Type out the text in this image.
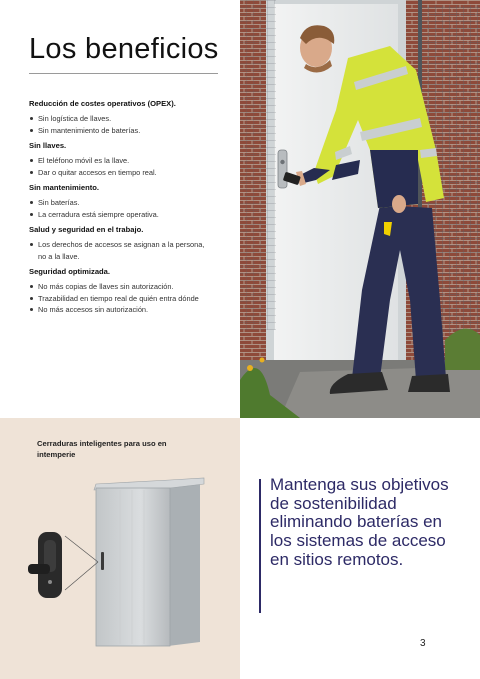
Los beneficios
Reducción de costes operativos (OPEX).
Sin logística de llaves.
Sin mantenimiento de baterías.
Sin llaves.
El teléfono móvil es la llave.
Dar o quitar accesos en tiempo real.
Sin mantenimiento.
Sin baterías.
La cerradura está siempre operativa.
Salud y seguridad en el trabajo.
Los derechos de accesos se asignan a la persona,
no a la llave.
Seguridad optimizada.
No más copias de llaves sin autorización.
Trazabilidad en tiempo real de quién entra dónde
No más accesos sin autorización.
Cerraduras inteligentes para uso en intemperie

Mantenga sus objetivos de sostenibilidad eliminando baterías en los sistemas de acceso en sitios remotos.

3
